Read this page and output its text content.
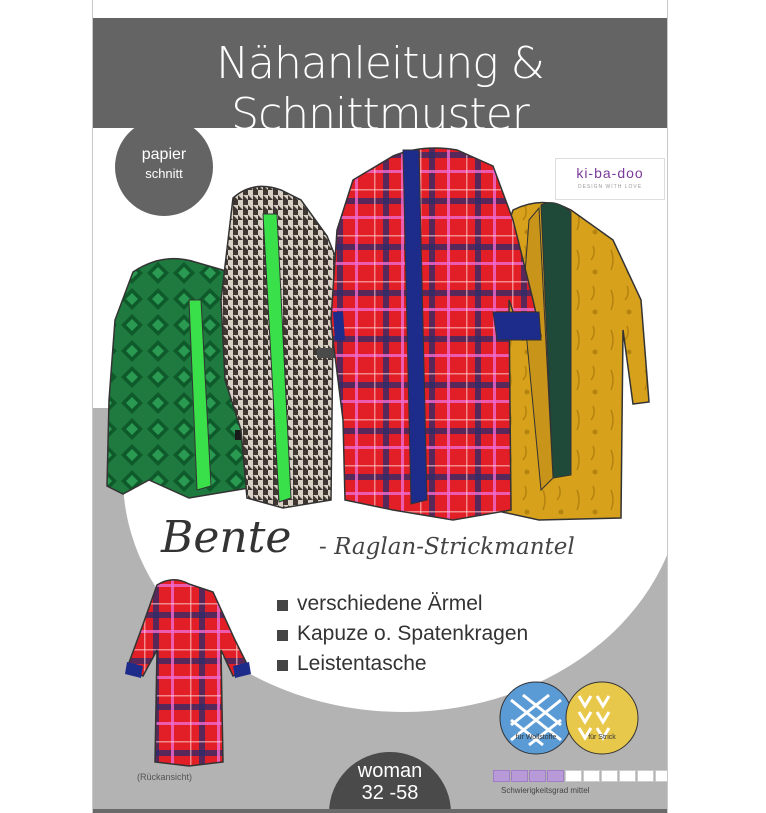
Nähanleitung & Schnittmuster
papier
schnitt	ki-ba-doo
DESIGN WITH LOVE
Bente - Raglan-Strickmantel
verschiedene Ärmel
Kapuze o. Spatenkragen
Leistentasche
(Rückansicht)	woman
32 -58
für Wollstoffe	für Strick
Schwierigkeitsgrad mittel
